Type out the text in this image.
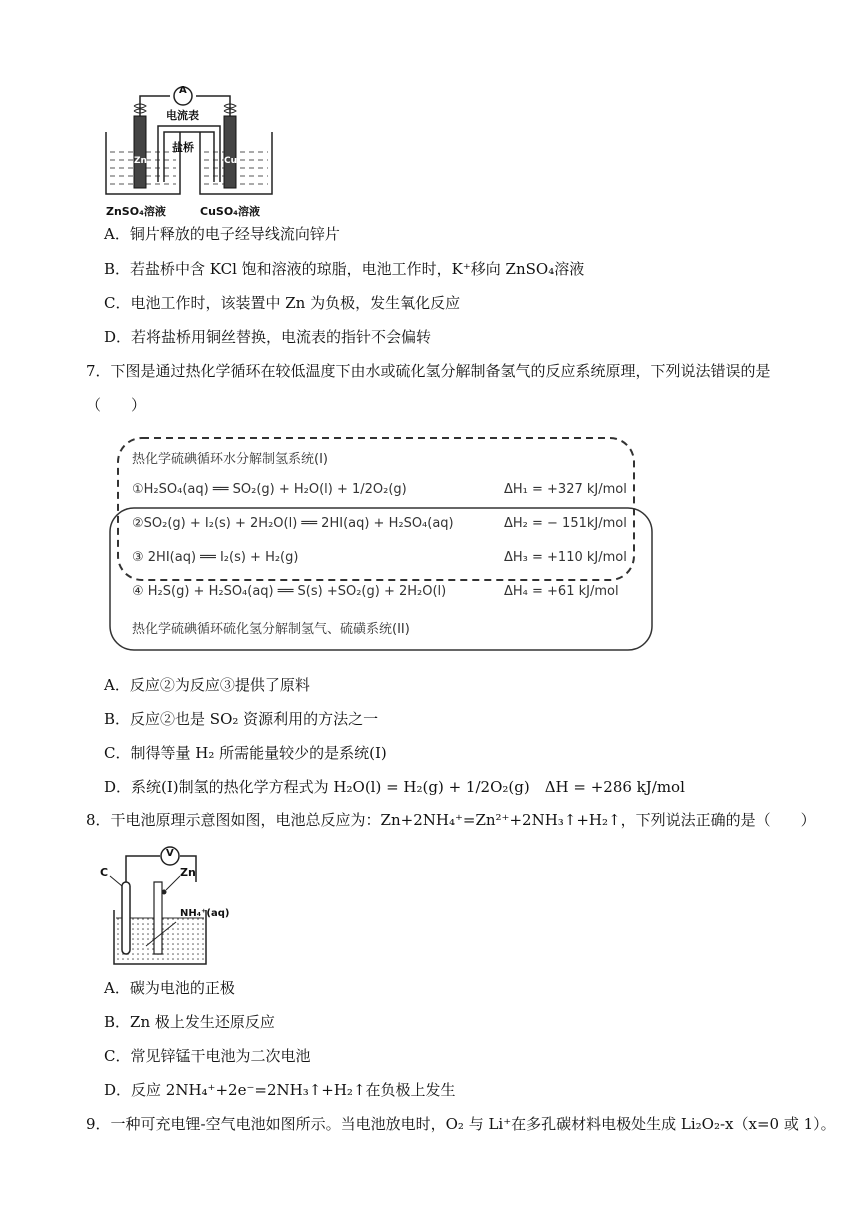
A
电流表
盐桥
Zn	Cu
ZnSO₄溶液	CuSO₄溶液
A．铜片释放的电子经导线流向锌片
B．若盐桥中含 KCl 饱和溶液的琼脂，电池工作时，K⁺移向 ZnSO₄溶液
C．电池工作时，该装置中 Zn 为负极，发生氧化反应
D．若将盐桥用铜丝替换，电流表的指针不会偏转
7．下图是通过热化学循环在较低温度下由水或硫化氢分解制备氢气的反应系统原理，下列说法错误的是
（　　）
热化学硫碘循环水分解制氢系统(I)
①H₂SO₄(aq) ══ SO₂(g) + H₂O(l) + 1/2O₂(g)	ΔH₁ = +327 kJ/mol
②SO₂(g) + I₂(s) + 2H₂O(l) ══ 2HI(aq) + H₂SO₄(aq)	ΔH₂ = − 151kJ/mol
③ 2HI(aq) ══ I₂(s) + H₂(g)	ΔH₃ = +110 kJ/mol
④ H₂S(g) + H₂SO₄(aq) ══ S(s) +SO₂(g) + 2H₂O(l)	ΔH₄ = +61 kJ/mol
热化学硫碘循环硫化氢分解制氢气、硫磺系统(II)
A．反应②为反应③提供了原料
B．反应②也是 SO₂ 资源利用的方法之一
C．制得等量 H₂ 所需能量较少的是系统(I)
D．系统(I)制氢的热化学方程式为 H₂O(l) = H₂(g) + 1/2O₂(g)　ΔH = +286 kJ/mol
8．干电池原理示意图如图，电池总反应为：Zn+2NH₄⁺=Zn²⁺+2NH₃↑+H₂↑，下列说法正确的是（　　）
V
C	Zn
NH₄⁺(aq)
A．碳为电池的正极
B．Zn 极上发生还原反应
C．常见锌锰干电池为二次电池
D．反应 2NH₄⁺+2e⁻=2NH₃↑+H₂↑在负极上发生
9．一种可充电锂-空气电池如图所示。当电池放电时，O₂ 与 Li⁺在多孔碳材料电极处生成 Li₂O₂-x（x=0 或 1）。
